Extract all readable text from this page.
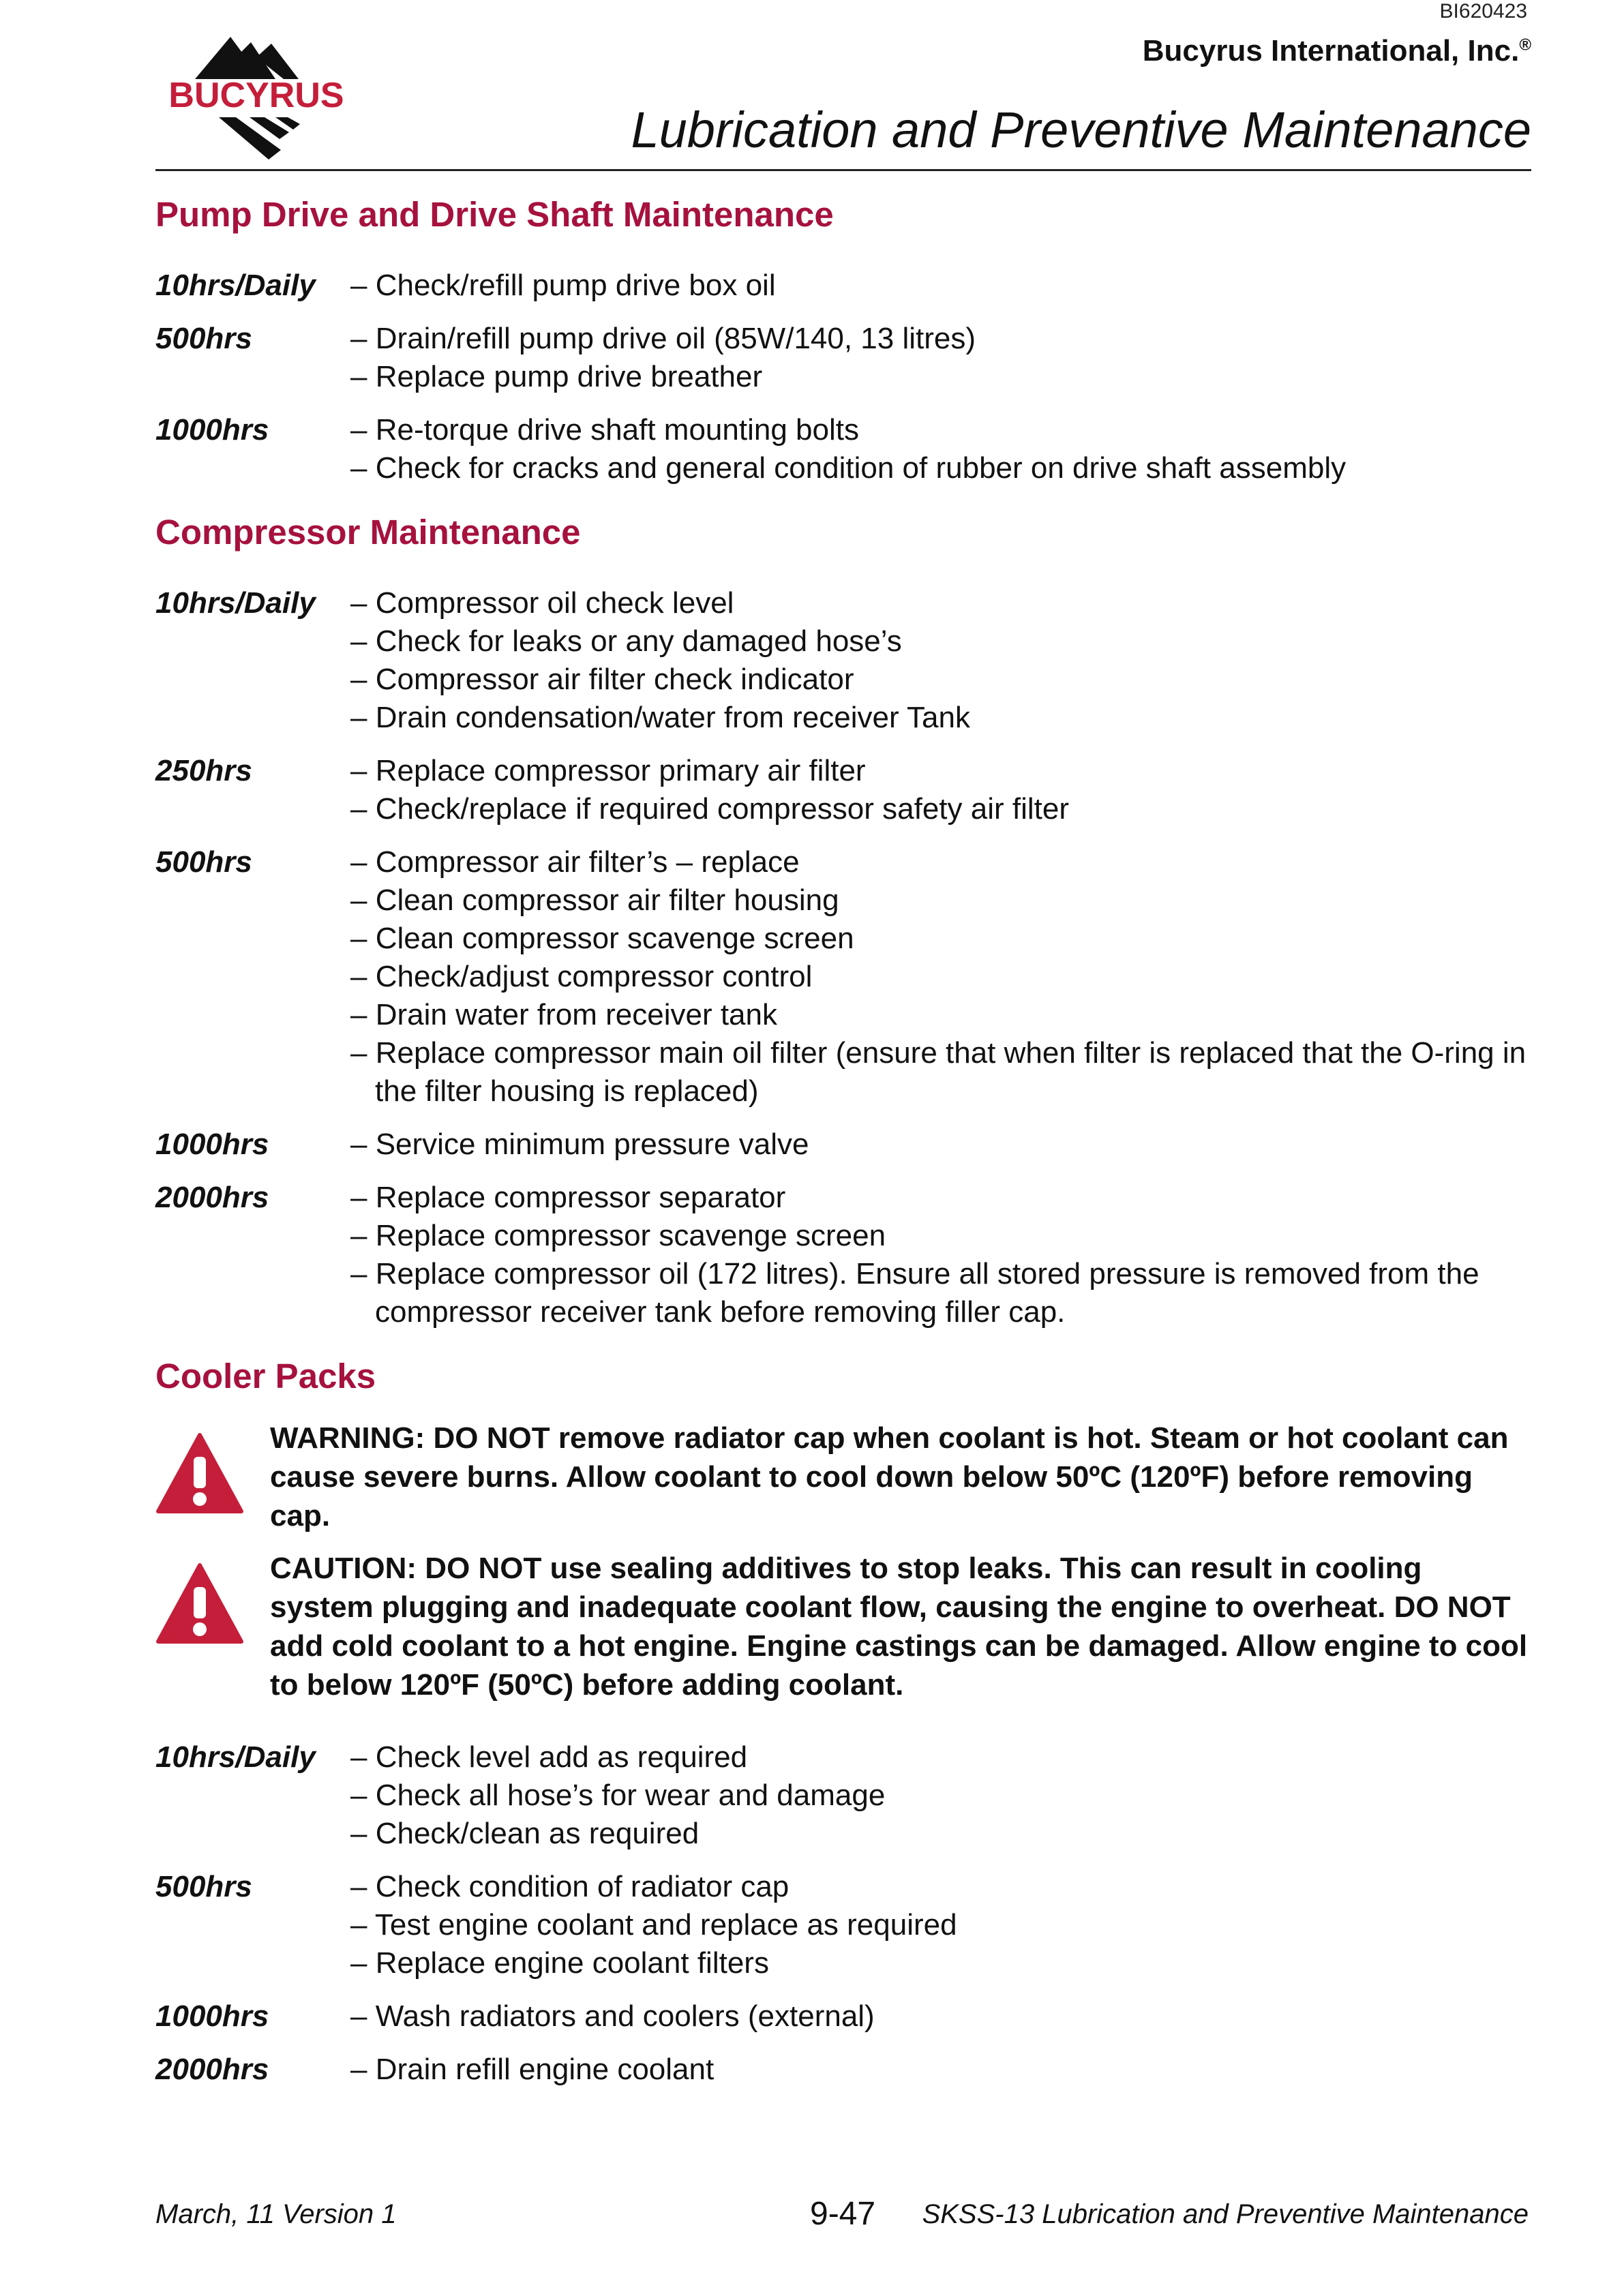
BI620423
Bucyrus International, Inc.®
BUCYRUS
Lubrication and Preventive Maintenance
Pump Drive and Drive Shaft Maintenance
10hrs/Daily	– Check/refill pump drive box oil
500hrs	– Drain/refill pump drive oil (85W/140, 13 litres)
– Replace pump drive breather
1000hrs	– Re-torque drive shaft mounting bolts
– Check for cracks and general condition of rubber on drive shaft assembly
Compressor Maintenance
10hrs/Daily	– Compressor oil check level
– Check for leaks or any damaged hose’s
– Compressor air filter check indicator
– Drain condensation/water from receiver Tank
250hrs	– Replace compressor primary air filter
– Check/replace if required compressor safety air filter
500hrs	– Compressor air filter’s – replace
– Clean compressor air filter housing
– Clean compressor scavenge screen
– Check/adjust compressor control
– Drain water from receiver tank
– Replace compressor main oil filter (ensure that when filter is replaced that the O-ring in the filter housing is replaced)
1000hrs	– Service minimum pressure valve
2000hrs	– Replace compressor separator
– Replace compressor scavenge screen
– Replace compressor oil (172 litres). Ensure all stored pressure is removed from the compressor receiver tank before removing filler cap.
Cooler Packs
WARNING: DO NOT remove radiator cap when coolant is hot. Steam or hot coolant can cause severe burns. Allow coolant to cool down below 50ºC (120ºF) before removing cap.
CAUTION: DO NOT use sealing additives to stop leaks. This can result in cooling system plugging and inadequate coolant flow, causing the engine to overheat. DO NOT add cold coolant to a hot engine. Engine castings can be damaged. Allow engine to cool to below 120ºF (50ºC) before adding coolant.
10hrs/Daily	– Check level add as required
– Check all hose’s for wear and damage
– Check/clean as required
500hrs	– Check condition of radiator cap
– Test engine coolant and replace as required
– Replace engine coolant filters
1000hrs	– Wash radiators and coolers (external)
2000hrs	– Drain refill engine coolant
March, 11 Version 1	9-47 SKSS-13 Lubrication and Preventive Maintenance
